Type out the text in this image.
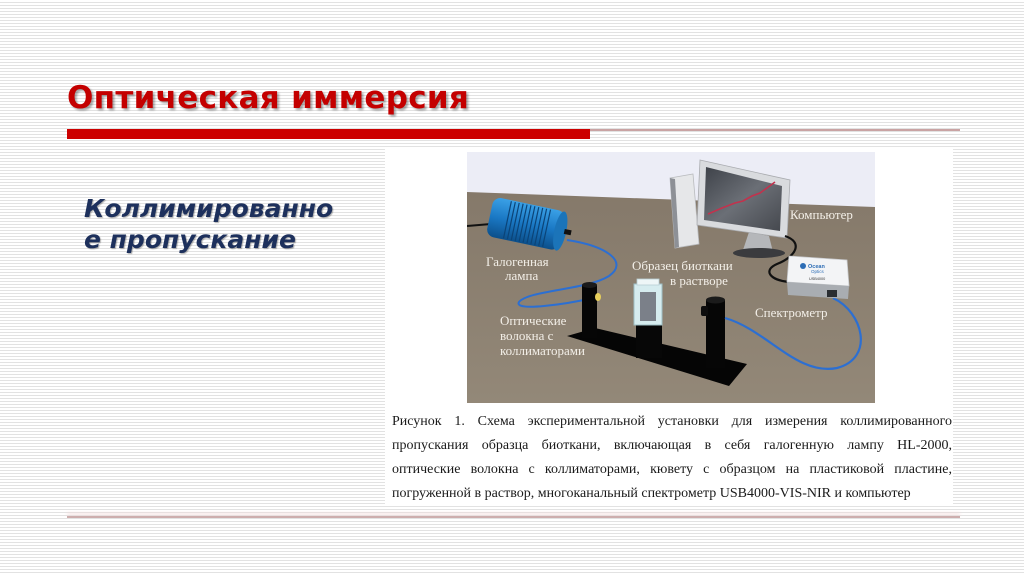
Оптическая иммерсия

Коллимированно
е пропускание

Ocean
Optics
USB4000
Компьютер
Галогенная
лампа
Образец биоткани
в растворе
Оптические
волокна с
коллиматорами
Спектрометр
Рисунок 1. Схема экспериментальной установки для измерения коллимированного
пропускания образца биоткани, включающая в себя галогенную лампу HL-2000,
оптические волокна с коллиматорами, кювету с образцом на пластиковой пластине,
погруженной в раствор, многоканальный спектрометр USB4000-VIS-NIR и компьютер
